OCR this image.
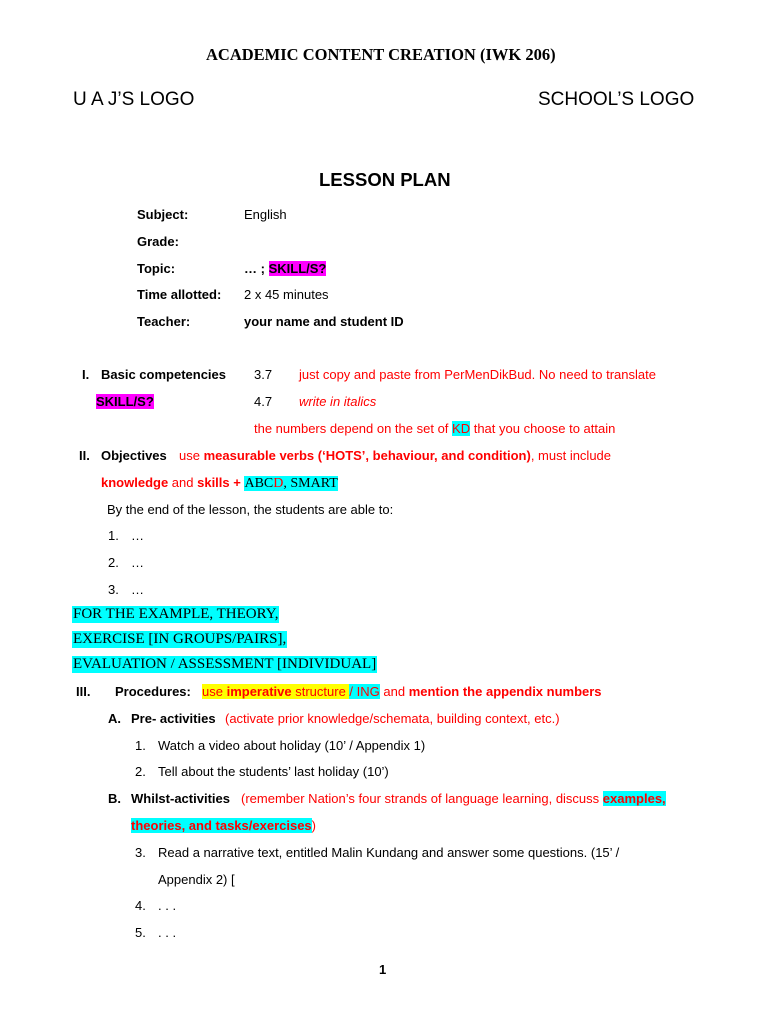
ACADEMIC CONTENT CREATION (IWK 206)
U A J’S LOGO	SCHOOL’S LOGO
LESSON PLAN
Subject:	English
Grade:
Topic:	… ; SKILL/S?
Time allotted: 2 x 45 minutes
Teacher:	your name and student ID
I. Basic competencies 3.7 just copy and paste from PerMenDikBud. No need to translate
SKILL/S?	4.7 write in italics
the numbers depend on the set of KD that you choose to attain
II. Objectives use measurable verbs (‘HOTS’, behaviour, and condition), must include
knowledge and skills + ABCD, SMART
By the end of the lesson, the students are able to:
1. …
2. …
3. …
FOR THE EXAMPLE, THEORY,
EXERCISE [IN GROUPS/PAIRS],
EVALUATION / ASSESSMENT [INDIVIDUAL]
III. Procedures: use imperative structure / ING and mention the appendix numbers
A. Pre- activities (activate prior knowledge/schemata, building context, etc.)
1. Watch a video about holiday (10’ / Appendix 1)
2. Tell about the students’ last holiday (10’)
B. Whilst-activities (remember Nation’s four strands of language learning, discuss examples,
theories, and tasks/exercises)
3. Read a narrative text, entitled Malin Kundang and answer some questions. (15’ /
Appendix 2) [
4. . . .
5. . . .
1
